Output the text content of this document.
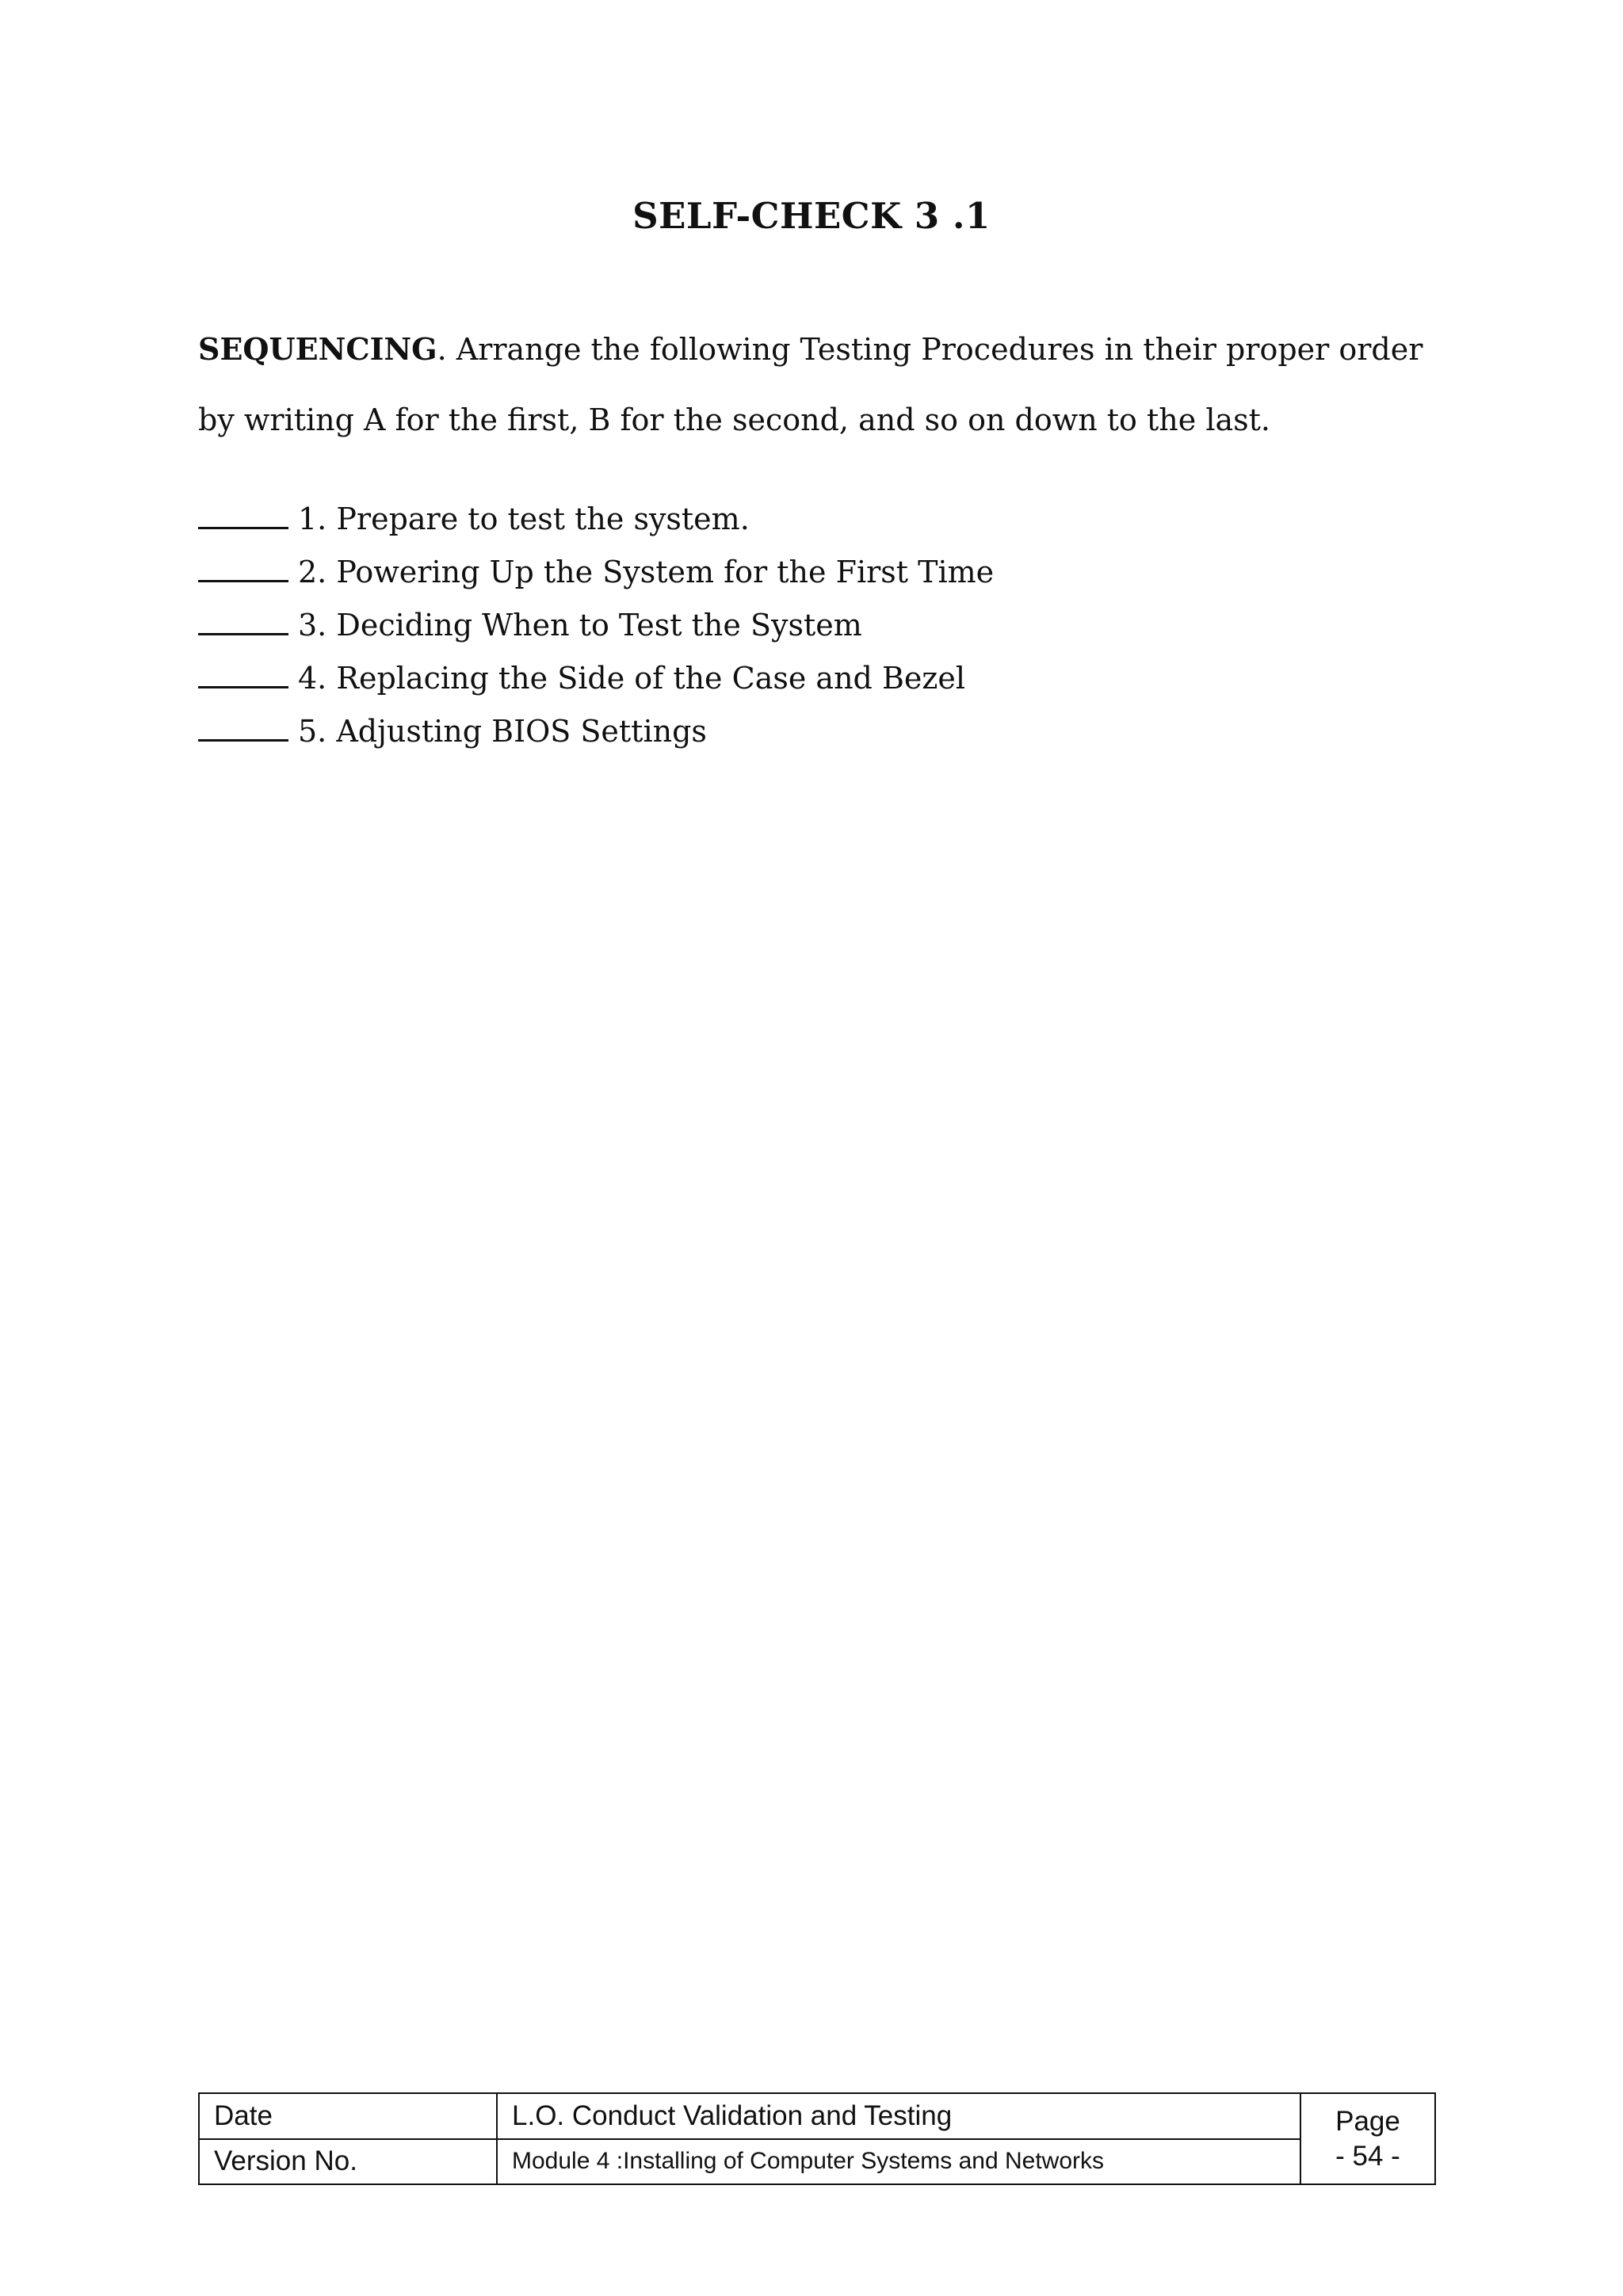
SELF-CHECK 3 .1

SEQUENCING. Arrange the following Testing Procedures in their proper order by writing A for the first, B for the second, and so on down to the last.

1. Prepare to test the system.
2. Powering Up the System for the First Time
3. Deciding When to Test the System
4. Replacing the Side of the Case and Bezel
5. Adjusting BIOS Settings
Date	L.O. Conduct Validation and Testing	Page
- 54 -

Version No.	Module 4 :Installing of Computer Systems and Networks	
